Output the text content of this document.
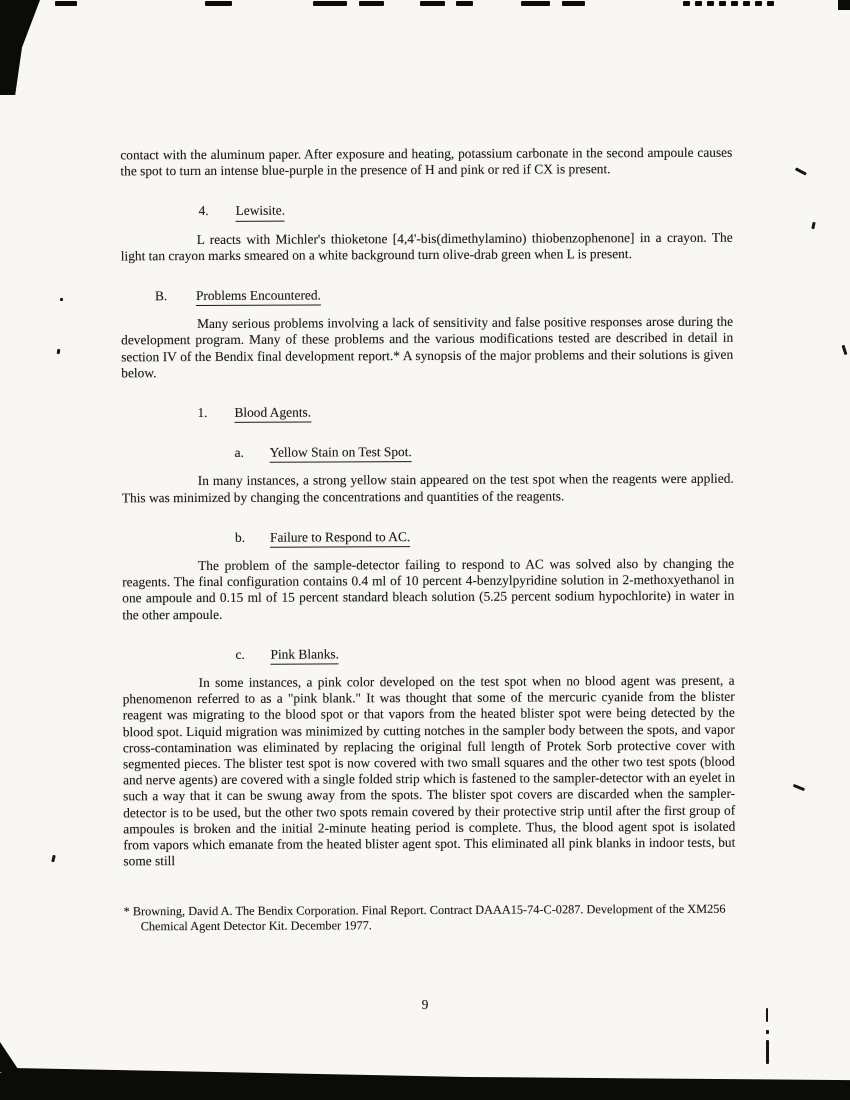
contact with the aluminum paper. After exposure and heating, potassium carbonate in the second ampoule causes the spot to turn an intense blue-purple in the presence of H and pink or red if CX is present.

4.	Lewisite.

L reacts with Michler's thioketone [4,4'-bis(dimethylamino) thiobenzophenone] in a crayon. The light tan crayon marks smeared on a white background turn olive-drab green when L is present.

B.	Problems Encountered.

Many serious problems involving a lack of sensitivity and false positive responses arose during the development program. Many of these problems and the various modifications tested are described in detail in section IV of the Bendix final development report.* A synopsis of the major problems and their solutions is given below.

1.	Blood Agents.
a.	Yellow Stain on Test Spot.

In many instances, a strong yellow stain appeared on the test spot when the reagents were applied. This was minimized by changing the concentrations and quantities of the reagents.

b.	Failure to Respond to AC.

The problem of the sample-detector failing to respond to AC was solved also by changing the reagents. The final configuration contains 0.4 ml of 10 percent 4-benzylpyridine solution in 2-methoxyethanol in one ampoule and 0.15 ml of 15 percent standard bleach solution (5.25 percent sodium hypochlorite) in water in the other ampoule.

c.	Pink Blanks.

In some instances, a pink color developed on the test spot when no blood agent was present, a phenomenon referred to as a "pink blank." It was thought that some of the mercuric cyanide from the blister reagent was migrating to the blood spot or that vapors from the heated blister spot were being detected by the blood spot. Liquid migration was minimized by cutting notches in the sampler body between the spots, and vapor cross-contamination was eliminated by replacing the original full length of Protek Sorb protective cover with segmented pieces. The blister test spot is now covered with two small squares and the other two test spots (blood and nerve agents) are covered with a single folded strip which is fastened to the sampler-detector with an eyelet in such a way that it can be swung away from the spots. The blister spot covers are discarded when the sampler-detector is to be used, but the other two spots remain covered by their protective strip until after the first group of ampoules is broken and the initial 2-minute heating period is complete. Thus, the blood agent spot is isolated from vapors which emanate from the heated blister agent spot. This eliminated all pink blanks in indoor tests, but some still

* Browning, David A. The Bendix Corporation. Final Report. Contract DAAA15-74-C-0287. Development of the XM256 Chemical Agent Detector Kit. December 1977.

9
